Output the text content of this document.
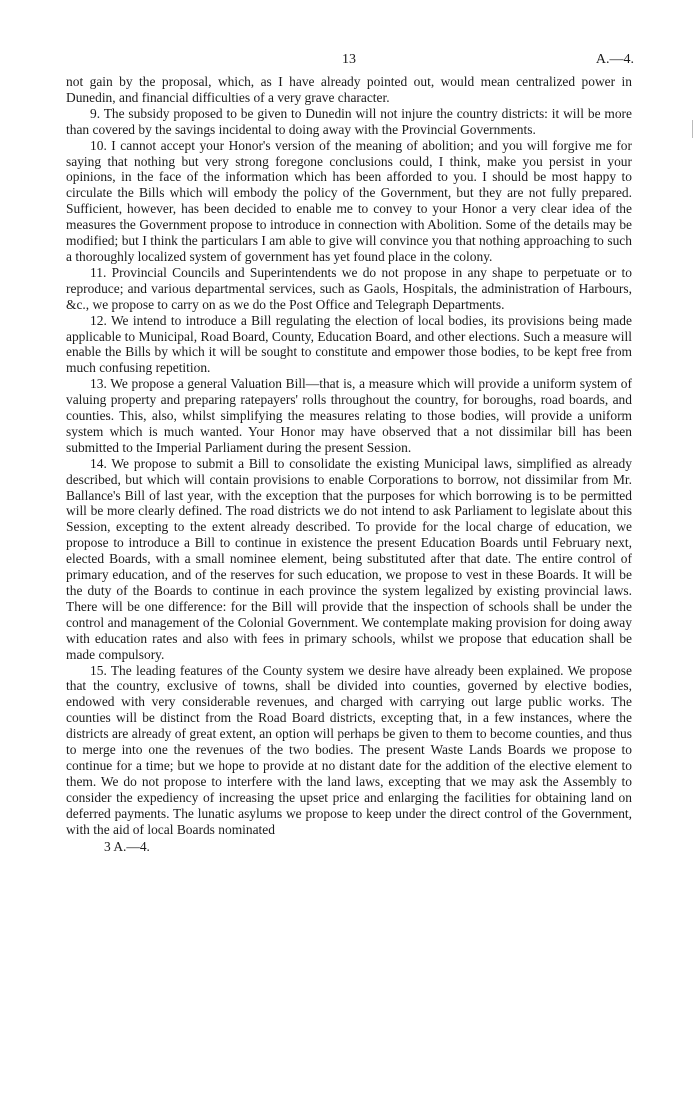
13	A.—4.

not gain by the proposal, which, as I have already pointed out, would mean centralized power in Dunedin, and financial difficulties of a very grave character.

9. The subsidy proposed to be given to Dunedin will not injure the country districts: it will be more than covered by the savings incidental to doing away with the Provincial Governments.

10. I cannot accept your Honor's version of the meaning of abolition; and you will forgive me for saying that nothing but very strong foregone conclusions could, I think, make you persist in your opinions, in the face of the information which has been afforded to you. I should be most happy to circulate the Bills which will embody the policy of the Government, but they are not fully prepared. Sufficient, however, has been decided to enable me to convey to your Honor a very clear idea of the measures the Government propose to introduce in connection with Abolition. Some of the details may be modified; but I think the particulars I am able to give will convince you that nothing approaching to such a thoroughly localized system of government has yet found place in the colony.

11. Provincial Councils and Superintendents we do not propose in any shape to perpetuate or to reproduce; and various departmental services, such as Gaols, Hospitals, the administration of Harbours, &c., we propose to carry on as we do the Post Office and Telegraph Departments.

12. We intend to introduce a Bill regulating the election of local bodies, its provisions being made applicable to Municipal, Road Board, County, Education Board, and other elections. Such a measure will enable the Bills by which it will be sought to constitute and empower those bodies, to be kept free from much confusing repetition.

13. We propose a general Valuation Bill—that is, a measure which will provide a uniform system of valuing property and preparing ratepayers' rolls throughout the country, for boroughs, road boards, and counties. This, also, whilst simplifying the measures relating to those bodies, will provide a uniform system which is much wanted. Your Honor may have observed that a not dissimilar bill has been submitted to the Imperial Parliament during the present Session.

14. We propose to submit a Bill to consolidate the existing Municipal laws, simplified as already described, but which will contain provisions to enable Corporations to borrow, not dissimilar from Mr. Ballance's Bill of last year, with the exception that the purposes for which borrowing is to be permitted will be more clearly defined. The road districts we do not intend to ask Parliament to legislate about this Session, excepting to the extent already described. To provide for the local charge of education, we propose to introduce a Bill to continue in existence the present Education Boards until February next, elected Boards, with a small nominee element, being substituted after that date. The entire control of primary education, and of the reserves for such education, we propose to vest in these Boards. It will be the duty of the Boards to continue in each province the system legalized by existing provincial laws. There will be one difference: for the Bill will provide that the inspection of schools shall be under the control and management of the Colonial Government. We contemplate making provision for doing away with education rates and also with fees in primary schools, whilst we propose that education shall be made compulsory.

15. The leading features of the County system we desire have already been explained. We propose that the country, exclusive of towns, shall be divided into counties, governed by elective bodies, endowed with very considerable revenues, and charged with carrying out large public works. The counties will be distinct from the Road Board districts, excepting that, in a few instances, where the districts are already of great extent, an option will perhaps be given to them to become counties, and thus to merge into one the revenues of the two bodies. The present Waste Lands Boards we propose to continue for a time; but we hope to provide at no distant date for the addition of the elective element to them. We do not propose to interfere with the land laws, excepting that we may ask the Assembly to consider the expediency of increasing the upset price and enlarging the facilities for obtaining land on deferred payments. The lunatic asylums we propose to keep under the direct control of the Government, with the aid of local Boards nominated

3 A.—4.
